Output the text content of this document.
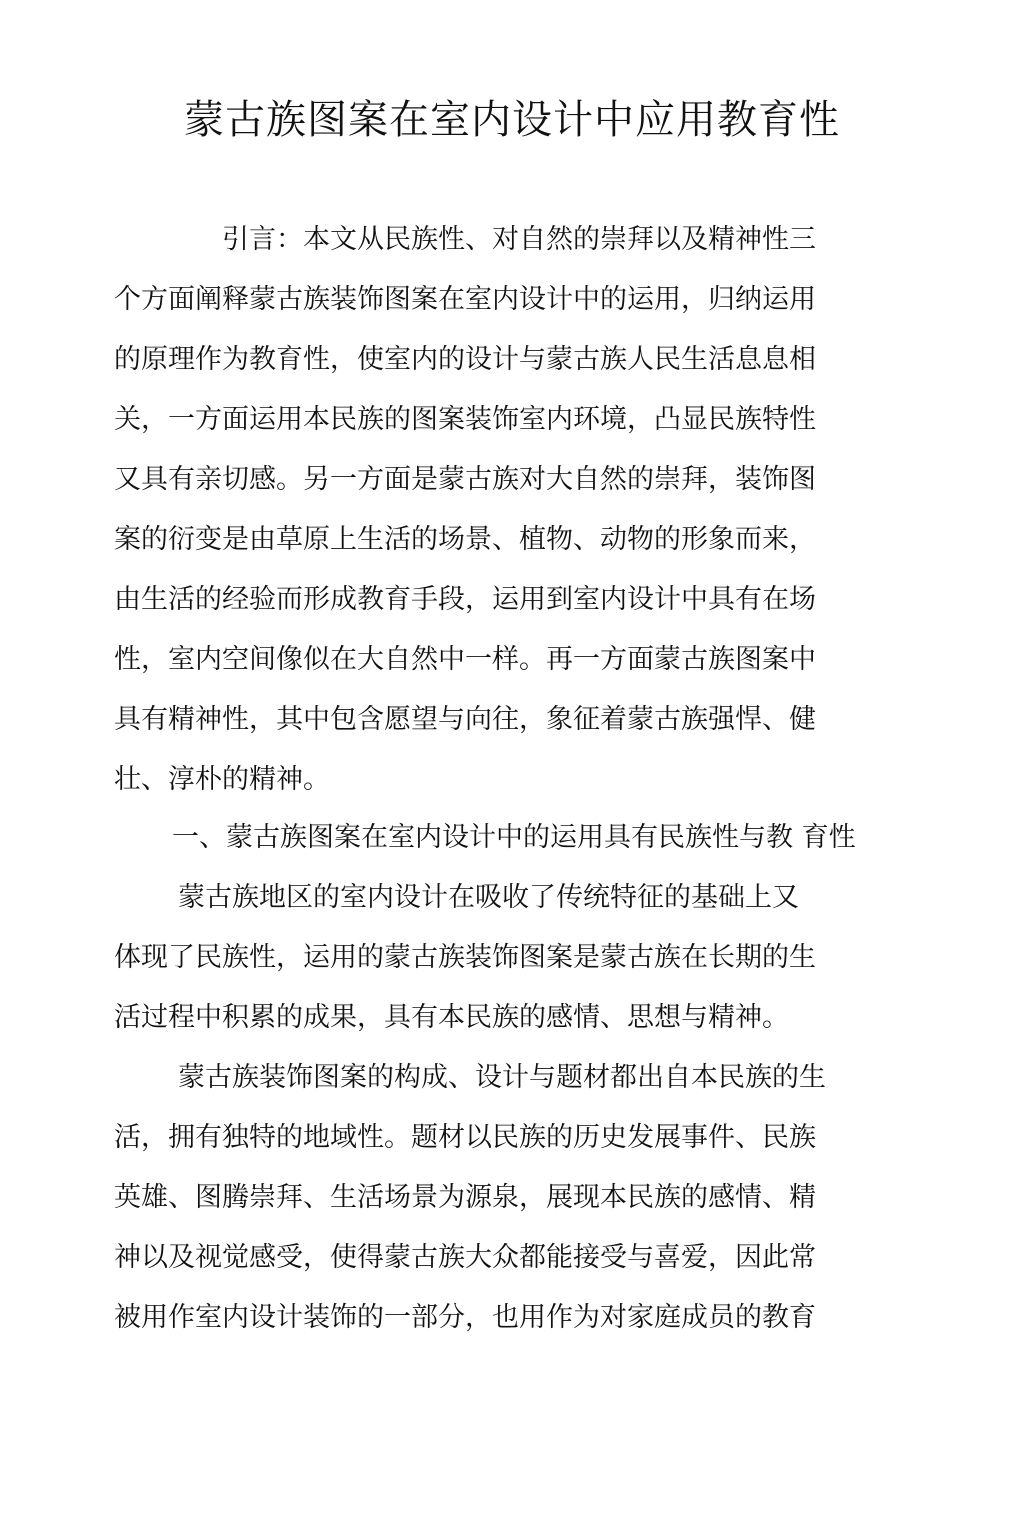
蒙古族图案在室内设计中应用教育性
引言：本文从民族性、对自然的崇拜以及精神性三
个方面阐释蒙古族装饰图案在室内设计中的运用，归纳运用
的原理作为教育性，使室内的设计与蒙古族人民生活息息相
关，一方面运用本民族的图案装饰室内环境，凸显民族特性
又具有亲切感。另一方面是蒙古族对大自然的崇拜，装饰图
案的衍变是由草原上生活的场景、植物、动物的形象而来，
由生活的经验而形成教育手段，运用到室内设计中具有在场
性，室内空间像似在大自然中一样。再一方面蒙古族图案中
具有精神性，其中包含愿望与向往，象征着蒙古族强悍、健
壮、淳朴的精神。
一、蒙古族图案在室内设计中的运用具有民族性与教 育性
蒙古族地区的室内设计在吸收了传统特征的基础上又
体现了民族性，运用的蒙古族装饰图案是蒙古族在长期的生
活过程中积累的成果，具有本民族的感情、思想与精神。
蒙古族装饰图案的构成、设计与题材都出自本民族的生
活，拥有独特的地域性。题材以民族的历史发展事件、民族
英雄、图腾崇拜、生活场景为源泉，展现本民族的感情、精
神以及视觉感受，使得蒙古族大众都能接受与喜爱，因此常
被用作室内设计装饰的一部分，也用作为对家庭成员的教育
